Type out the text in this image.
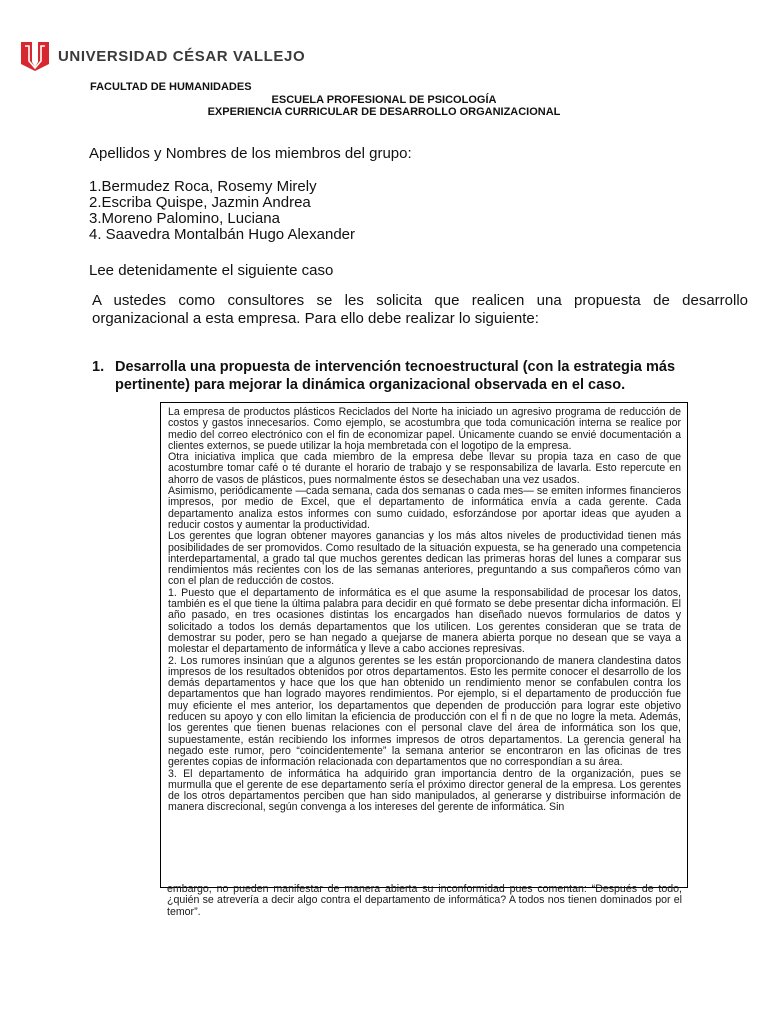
UNIVERSIDAD CÉSAR VALLEJO
FACULTAD DE HUMANIDADES
ESCUELA PROFESIONAL DE PSICOLOGÍA
EXPERIENCIA CURRICULAR DE DESARROLLO ORGANIZACIONAL
Apellidos y Nombres de los miembros del grupo:
1.Bermudez Roca, Rosemy Mirely
2.Escriba Quispe, Jazmin Andrea
3.Moreno Palomino, Luciana
4. Saavedra Montalbán Hugo Alexander
Lee detenidamente el siguiente caso

A ustedes como consultores se les solicita que realicen una propuesta de desarrollo organizacional a esta empresa. Para ello debe realizar lo siguiente:

1. Desarrolla una propuesta de intervención tecnoestructural (con la estrategia más pertinente) para mejorar la dinámica organizacional observada en el caso.

La empresa de productos plásticos Reciclados del Norte ha iniciado un agresivo programa de reducción de costos y gastos innecesarios. Como ejemplo, se acostumbra que toda comunicación interna se realice por medio del correo electrónico con el fin de economizar papel. Únicamente cuando se envié documentación a clientes externos, se puede utilizar la hoja membretada con el logotipo de la empresa.

Otra iniciativa implica que cada miembro de la empresa debe llevar su propia taza en caso de que acostumbre tomar café o té durante el horario de trabajo y se responsabiliza de lavarla. Esto repercute en ahorro de vasos de plásticos, pues normalmente éstos se desechaban una vez usados.

Asimismo, periódicamente —cada semana, cada dos semanas o cada mes— se emiten informes financieros impresos, por medio de Excel, que el departamento de informática envía a cada gerente. Cada departamento analiza estos informes con sumo cuidado, esforzándose por aportar ideas que ayuden a reducir costos y aumentar la productividad.

Los gerentes que logran obtener mayores ganancias y los más altos niveles de productividad tienen más posibilidades de ser promovidos. Como resultado de la situación expuesta, se ha generado una competencia interdepartamental, a grado tal que muchos gerentes dedican las primeras horas del lunes a comparar sus rendimientos más recientes con los de las semanas anteriores, preguntando a sus compañeros cómo van con el plan de reducción de costos.

1. Puesto que el departamento de informática es el que asume la responsabilidad de procesar los datos, también es el que tiene la última palabra para decidir en qué formato se debe presentar dicha información. El año pasado, en tres ocasiones distintas los encargados han diseñado nuevos formularios de datos y solicitado a todos los demás departamentos que los utilicen. Los gerentes consideran que se trata de demostrar su poder, pero se han negado a quejarse de manera abierta porque no desean que se vaya a molestar el departamento de informática y lleve a cabo acciones represivas.

2. Los rumores insinúan que a algunos gerentes se les están proporcionando de manera clandestina datos impresos de los resultados obtenidos por otros departamentos. Esto les permite conocer el desarrollo de los demás departamentos y hace que los que han obtenido un rendimiento menor se confabulen contra los departamentos que han logrado mayores rendimientos. Por ejemplo, si el departamento de producción fue muy eficiente el mes anterior, los departamentos que dependen de producción para lograr este objetivo reducen su apoyo y con ello limitan la eficiencia de producción con el fi n de que no logre la meta. Además, los gerentes que tienen buenas relaciones con el personal clave del área de informática son los que, supuestamente, están recibiendo los informes impresos de otros departamentos. La gerencia general ha negado este rumor, pero “coincidentemente” la semana anterior se encontraron en las oficinas de tres gerentes copias de información relacionada con departamentos que no correspondían a su área.

3. El departamento de informática ha adquirido gran importancia dentro de la organización, pues se murmulla que el gerente de ese departamento sería el próximo director general de la empresa. Los gerentes de los otros departamentos perciben que han sido manipulados, al generarse y distribuirse información de manera discrecional, según convenga a los intereses del gerente de informática. Sin

embargo, no pueden manifestar de manera abierta su inconformidad pues comentan: “Después de todo, ¿quién se atrevería a decir algo contra el departamento de informática? A todos nos tienen dominados por el temor”.
